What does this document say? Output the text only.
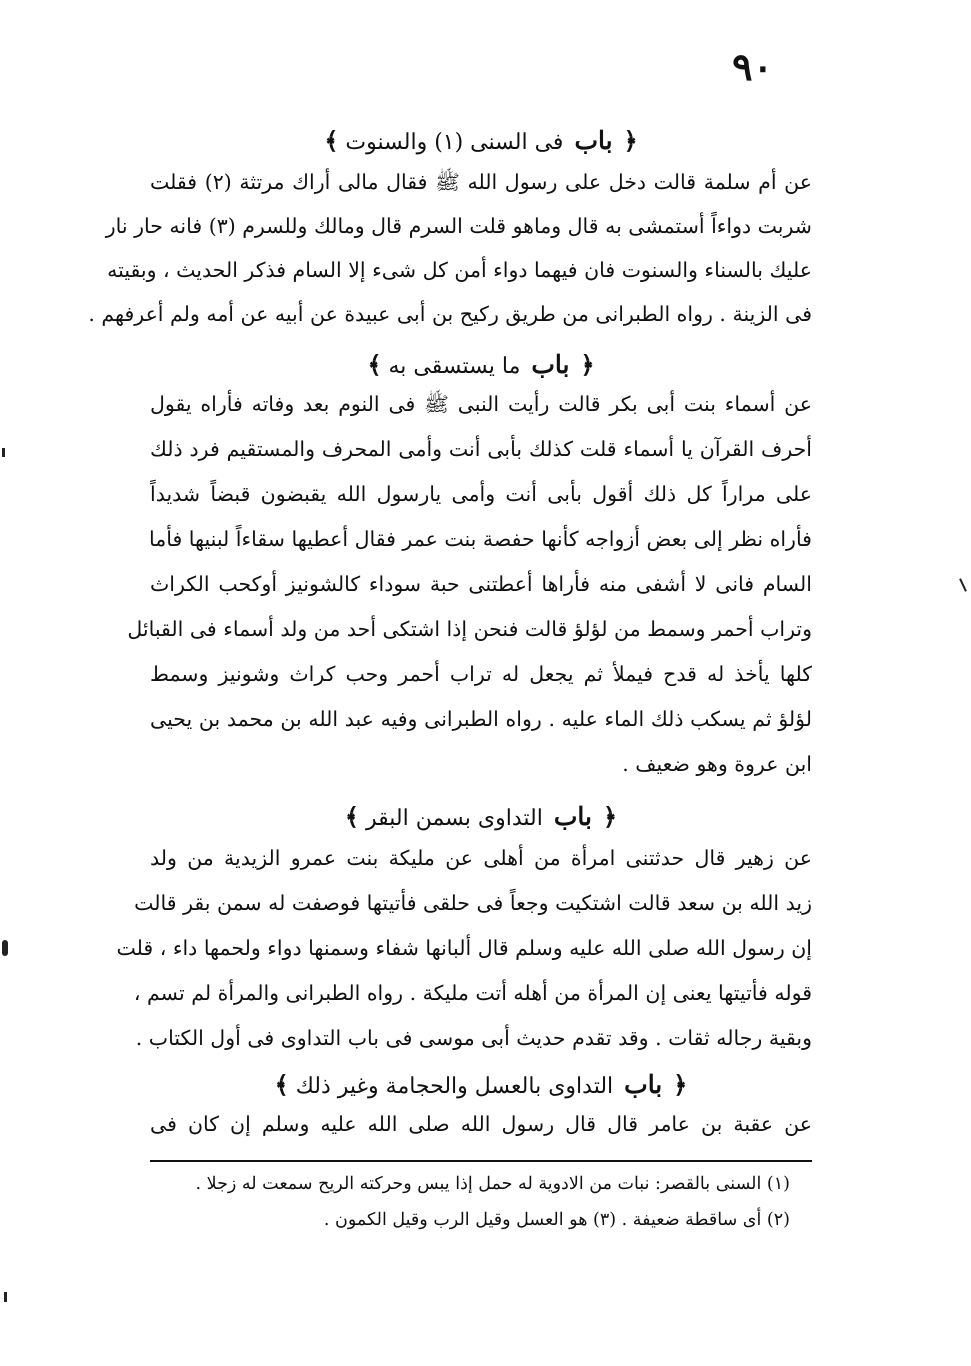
٩٠
﴿ باب فى السنى (١) والسنوت ﴾
عن أم سلمة قالت دخل على رسول الله ﷺ فقال مالى أراك مرتثة (٢) فقلت
شربت دواءاً أستمشى به قال وماهو قلت السرم قال ومالك وللسرم (٣) فانه حار نار
عليك بالسناء والسنوت فان فيهما دواء أمن كل شىء إلا السام فذكر الحديث ، وبقيته
فى الزينة . رواه الطبرانى من طريق ركيح بن أبى عبيدة عن أبيه عن أمه ولم أعرفهم .
﴿ باب ما يستسقى به ﴾
عن أسماء بنت أبى بكر قالت رأيت النبى ﷺ فى النوم بعد وفاته فأراه يقول
أحرف القرآن يا أسماء قلت كذلك بأبى أنت وأمى المحرف والمستقيم فرد ذلك
على مراراً كل ذلك أقول بأبى أنت وأمى يارسول الله يقبضون قبضاً شديداً
فأراه نظر إلى بعض أزواجه كأنها حفصة بنت عمر فقال أعطيها سقاءاً لبنيها فأما
السام فانى لا أشفى منه فأراها أعطتنى حبة سوداء كالشونيز أوكحب الكراث
وتراب أحمر وسمط من لؤلؤ قالت فنحن إذا اشتكى أحد من ولد أسماء فى القبائل
كلها يأخذ له قدح فيملأ ثم يجعل له تراب أحمر وحب كراث وشونيز وسمط
لؤلؤ ثم يسكب ذلك الماء عليه . رواه الطبرانى وفيه عبد الله بن محمد بن يحيى
ابن عروة وهو ضعيف .
﴿ باب التداوى بسمن البقر ﴾
عن زهير قال حدثتنى امرأة من أهلى عن مليكة بنت عمرو الزيدية من ولد
زيد الله بن سعد قالت اشتكيت وجعاً فى حلقى فأتيتها فوصفت له سمن بقر قالت
إن رسول الله صلى الله عليه وسلم قال ألبانها شفاء وسمنها دواء ولحمها داء ، قلت
قوله فأتيتها يعنى إن المرأة من أهله أتت مليكة . رواه الطبرانى والمرأة لم تسم ،
وبقية رجاله ثقات . وقد تقدم حديث أبى موسى فى باب التداوى فى أول الكتاب .
﴿ باب التداوى بالعسل والحجامة وغير ذلك ﴾
عن عقبة بن عامر قال قال رسول الله صلى الله عليه وسلم إن كان فى
(١) السنى بالقصر: نبات من الادوية له حمل إذا يبس وحركته الريح سمعت له زجلا .
(٢) أى ساقطة ضعيفة . (٣) هو العسل وقيل الرب وقيل الكمون .
